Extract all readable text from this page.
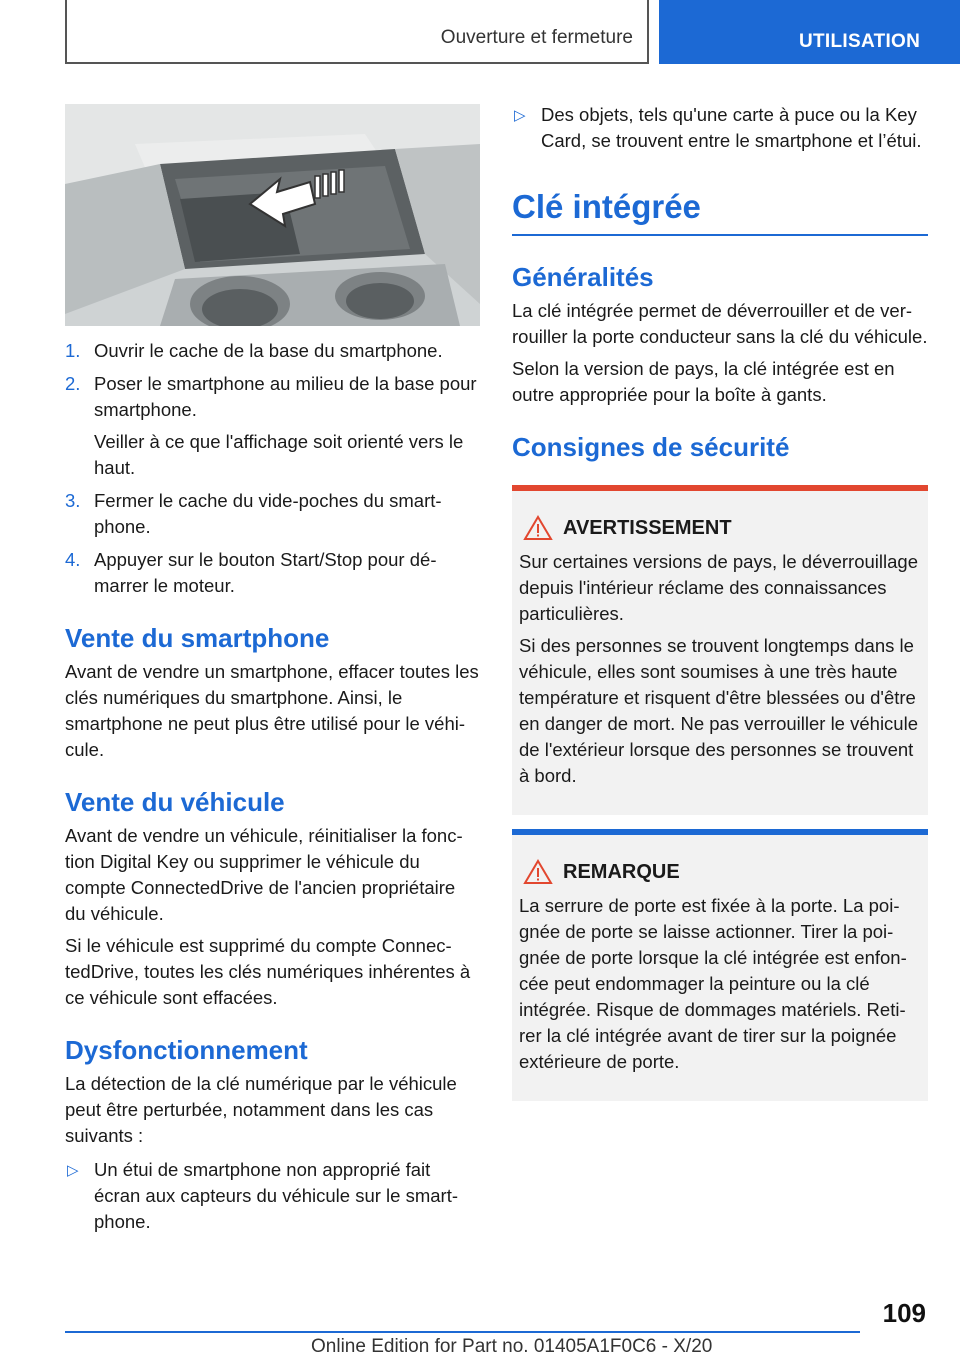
Ouverture et fermeture	UTILISATION
1. Ouvrir le cache de la base du smartphone.
2. Poser le smartphone au milieu de la base pour smartphone.
Veiller à ce que l'affichage soit orienté vers le haut.
3. Fermer le cache du vide-poches du smartphone.
4. Appuyer sur le bouton Start/Stop pour démarrer le moteur.
Vente du smartphone

Avant de vendre un smartphone, effacer toutes les clés numériques du smartphone. Ainsi, le smartphone ne peut plus être utilisé pour le véhicule.

Vente du véhicule

Avant de vendre un véhicule, réinitialiser la fonction Digital Key ou supprimer le véhicule du compte ConnectedDrive de l'ancien propriétaire du véhicule.

Si le véhicule est supprimé du compte ConnectedDrive, toutes les clés numériques inhérentes à ce véhicule sont effacées.

Dysfonctionnement

La détection de la clé numérique par le véhicule peut être perturbée, notamment dans les cas suivants :

▷ Un étui de smartphone non approprié fait écran aux capteurs du véhicule sur le smartphone.
▷ Des objets, tels qu'une carte à puce ou la Key Card, se trouvent entre le smartphone et l’étui.
Clé intégrée
Généralités

La clé intégrée permet de déverrouiller et de verrouiller la porte conducteur sans la clé du véhicule.

Selon la version de pays, la clé intégrée est en outre appropriée pour la boîte à gants.

Consignes de sécurité
AVERTISSEMENT

Sur certaines versions de pays, le déverrouillage depuis l'intérieur réclame des connaissances particulières.

Si des personnes se trouvent longtemps dans le véhicule, elles sont soumises à une très haute température et risquent d'être blessées ou d'être en danger de mort. Ne pas verrouiller le véhicule de l'extérieur lorsque des personnes se trouvent à bord.

REMARQUE

La serrure de porte est fixée à la porte. La poignée de porte se laisse actionner. Tirer la poignée de porte lorsque la clé intégrée est enfoncée peut endommager la peinture ou la clé intégrée. Risque de dommages matériels. Retirer la clé intégrée avant de tirer sur la poignée extérieure de porte.

109
Online Edition for Part no. 01405A1F0C6 - X/20
